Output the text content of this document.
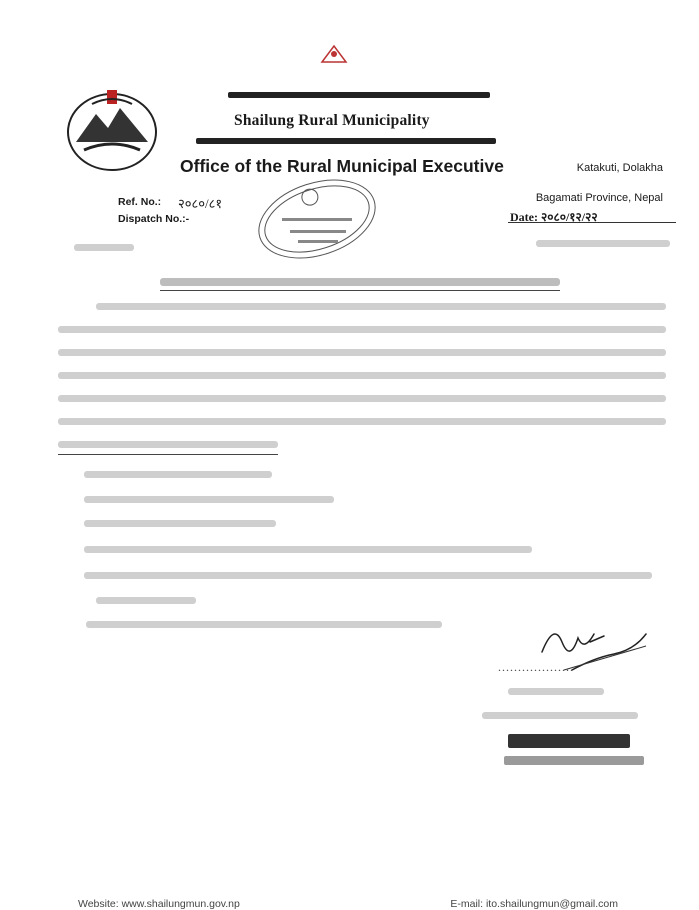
Shailung Rural Municipality
Office of the Rural Municipal Executive	Katakuti, Dolakha
Bagamati Province, Nepal
Ref. No.: २०८०/८१
Dispatch No.:-	Date: २०८०/१२/२२
...................
Website: www.shailungmun.gov.np	E-mail: ito.shailungmun@gmail.com
